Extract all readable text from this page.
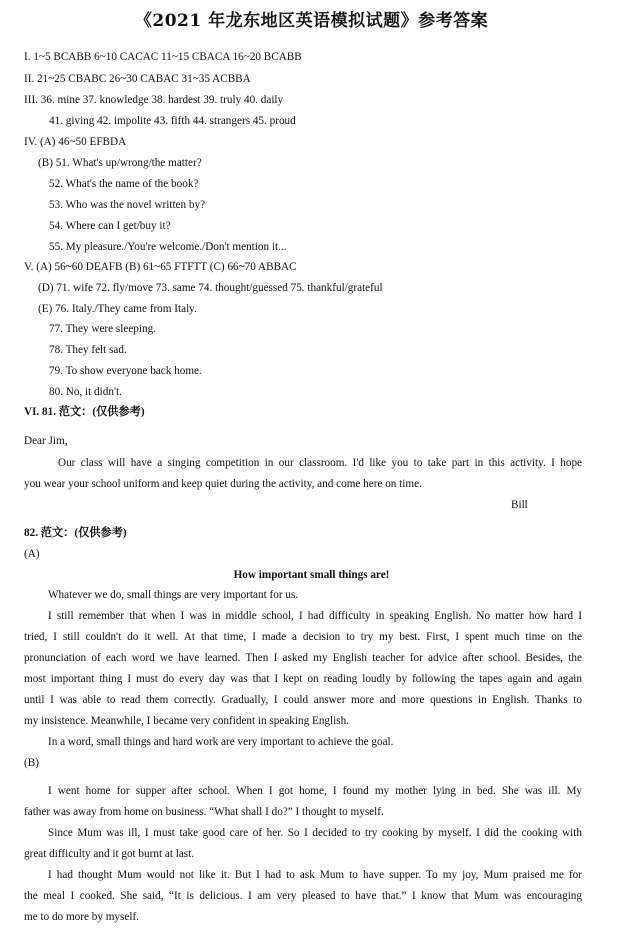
《2021 年龙东地区英语模拟试题》参考答案
I. 1~5 BCABB 6~10 CACAC 11~15 CBACA 16~20 BCABB
II. 21~25 CBABC 26~30 CABAC 31~35 ACBBA
III. 36. mine 37. knowledge 38. hardest 39. truly 40. daily
41. giving 42. impolite 43. fifth 44. strangers 45. proud
IV. (A) 46~50 EFBDA
(B) 51. What's up/wrong/the matter?
52. What's the name of the book?
53. Who was the novel written by?
54. Where can I get/buy it?
55. My pleasure./You're welcome./Don't mention it...
V. (A) 56~60 DEAFB (B) 61~65 FTFTT (C) 66~70 ABBAC
(D) 71. wife 72. fly/move 73. same 74. thought/guessed 75. thankful/grateful
(E) 76. Italy./They came from Italy.
77. They were sleeping.
78. They felt sad.
79. To show everyone back home.
80. No, it didn't.
VI. 81. 范文：(仅供参考)
Dear Jim,
Our class will have a singing competition in our classroom. I'd like you to take part in this activity. I hope
you wear your school uniform and keep quiet during the activity, and come here on time.
Bill
82. 范文：(仅供参考)
(A)
How important small things are!
Whatever we do, small things are very important for us.
I still remember that when I was in middle school, I had difficulty in speaking English. No matter how hard I
tried, I still couldn't do it well. At that time, I made a decision to try my best. First, I spent much time on the
pronunciation of each word we have learned. Then I asked my English teacher for advice after school. Besides, the
most important thing I must do every day was that I kept on reading loudly by following the tapes again and again
until I was able to read them correctly. Gradually, I could answer more and more questions in English. Thanks to
my insistence. Meanwhile, I became very confident in speaking English.
In a word, small things and hard work are very important to achieve the goal.
(B)
I went home for supper after school. When I got home, I found my mother lying in bed. She was ill. My
father was away from home on business. “What shall I do?” I thought to myself.
Since Mum was ill, I must take good care of her. So I decided to try cooking by myself. I did the cooking with
great difficulty and it got burnt at last.
I had thought Mum would not like it. But I had to ask Mum to have supper. To my joy, Mum praised me for
the meal I cooked. She said, “It is delicious. I am very pleased to have that.” I know that Mum was encouraging
me to do more by myself.
